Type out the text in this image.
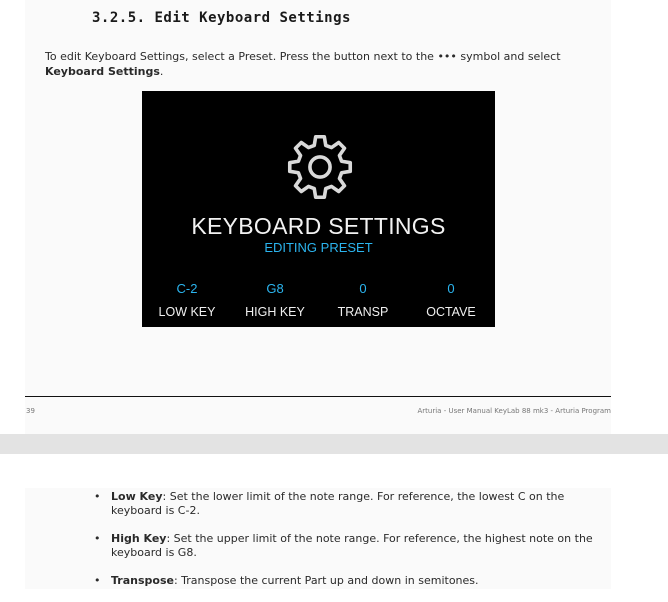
3.2.5. Edit Keyboard Settings
To edit Keyboard Settings, select a Preset. Press the button next to the ••• symbol and select Keyboard Settings.
KEYBOARD SETTINGS
EDITING PRESET
C-2
LOW KEY
G8
HIGH KEY
0
TRANSP
0
OCTAVE
39	Arturia - User Manual KeyLab 88 mk3 - Arturia Program
• Low Key: Set the lower limit of the note range. For reference, the lowest C on the keyboard is C-2.
• High Key: Set the upper limit of the note range. For reference, the highest note on the keyboard is G8.
• Transpose: Transpose the current Part up and down in semitones.
